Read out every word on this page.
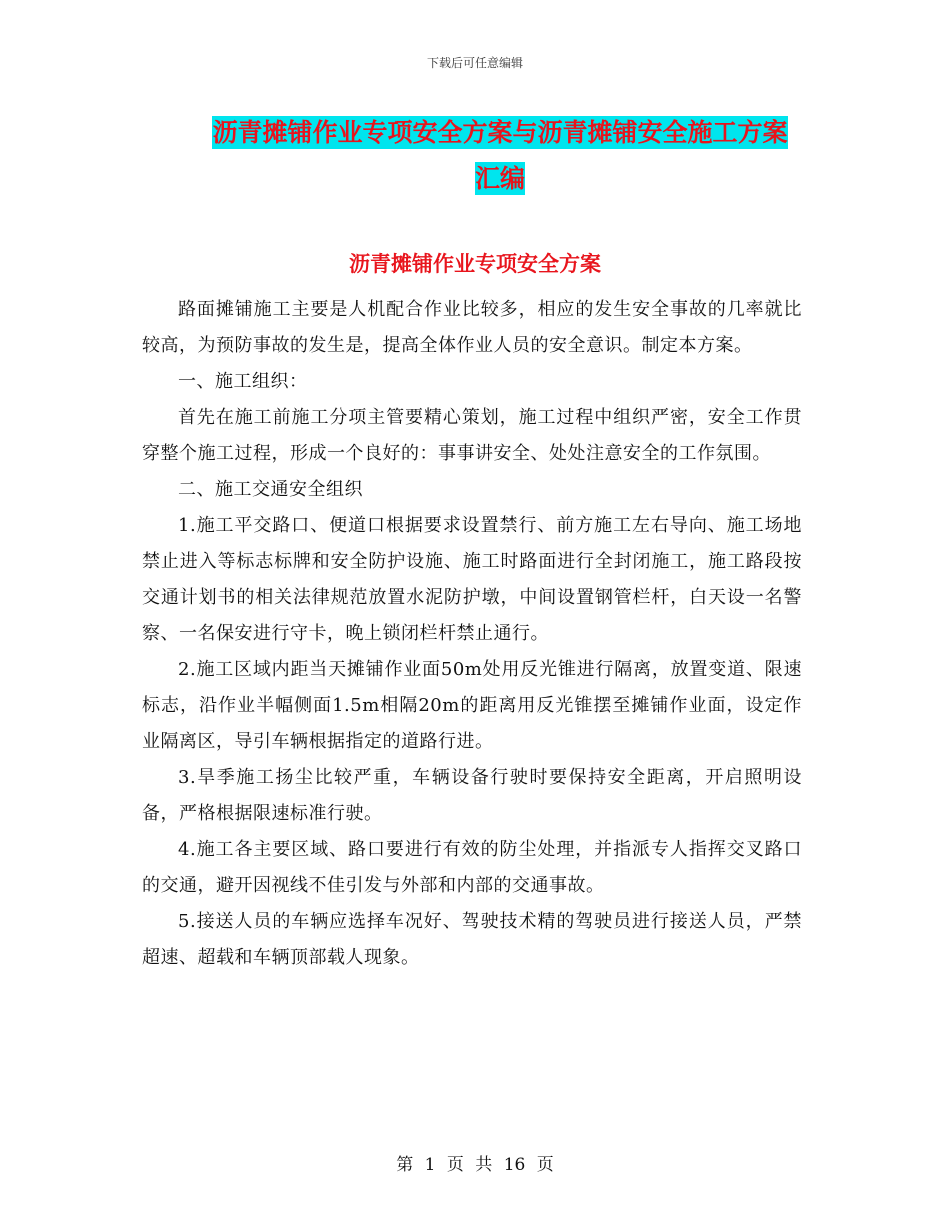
下载后可任意编辑
沥青摊铺作业专项安全方案与沥青摊铺安全施工方案
汇编
沥青摊铺作业专项安全方案

路面摊铺施工主要是人机配合作业比较多，相应的发生安全事故的几率就比较高，为预防事故的发生是，提高全体作业人员的安全意识。制定本方案。

一、施工组织：

首先在施工前施工分项主管要精心策划，施工过程中组织严密，安全工作贯穿整个施工过程，形成一个良好的：事事讲安全、处处注意安全的工作氛围。

二、施工交通安全组织

1.施工平交路口、便道口根据要求设置禁行、前方施工左右导向、施工场地禁止进入等标志标牌和安全防护设施、施工时路面进行全封闭施工，施工路段按交通计划书的相关法律规范放置水泥防护墩，中间设置钢管栏杆，白天设一名警察、一名保安进行守卡，晚上锁闭栏杆禁止通行。

2.施工区域内距当天摊铺作业面50m处用反光锥进行隔离，放置变道、限速标志，沿作业半幅侧面1.5m相隔20m的距离用反光锥摆至摊铺作业面，设定作业隔离区，导引车辆根据指定的道路行进。

3.旱季施工扬尘比较严重，车辆设备行驶时要保持安全距离，开启照明设备，严格根据限速标准行驶。

4.施工各主要区域、路口要进行有效的防尘处理，并指派专人指挥交叉路口的交通，避开因视线不佳引发与外部和内部的交通事故。

5.接送人员的车辆应选择车况好、驾驶技术精的驾驶员进行接送人员，严禁超速、超载和车辆顶部载人现象。

第 1 页 共 16 页
